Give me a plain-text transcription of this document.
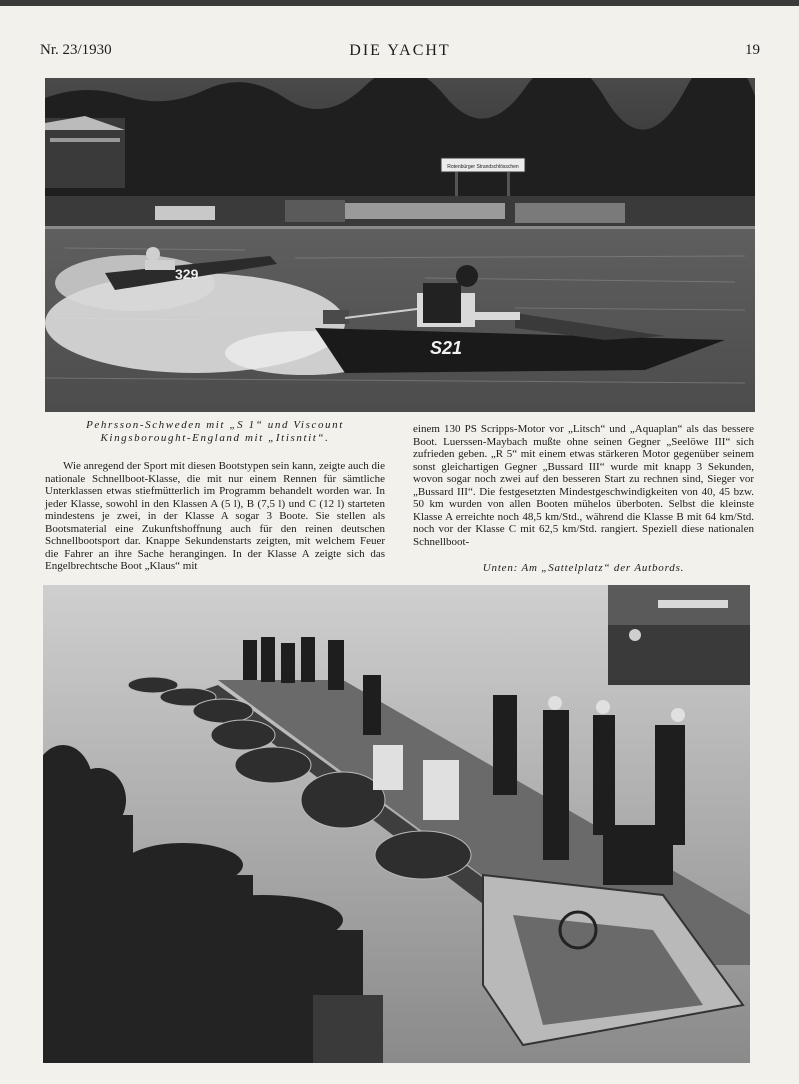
Nr. 23/1930	DIE YACHT	19
Rotenbürger Strandschlösschen
329
S21
Pehrsson-Schweden mit „S 1“ und Viscount Kingsborought-England mit „Itisntit“.
Wie anregend der Sport mit diesen Bootstypen sein kann, zeigte auch die nationale Schnellboot-Klasse, die mit nur einem Rennen für sämtliche Unterklassen etwas stiefmütterlich im Programm behandelt worden war. In jeder Klasse, sowohl in den Klassen A (5 l), B (7,5 l) und C (12 l) starteten mindestens je zwei, in der Klasse A sogar 3 Boote. Sie stellen als Bootsmaterial eine Zukunftshoffnung auch für den reinen deutschen Schnellbootsport dar. Knappe Sekundenstarts zeigten, mit welchem Feuer die Fahrer an ihre Sache herangingen. In der Klasse A zeigte sich das Engelbrechtsche Boot „Klaus“ mit
einem 130 PS Scripps-Motor vor „Litsch“ und „Aquaplan“ als das bessere Boot. Luerssen-Maybach mußte ohne seinen Gegner „Seelöwe III“ sich zufrieden geben. „R 5“ mit einem etwas stärkeren Motor gegenüber seinem sonst gleichartigen Gegner „Bussard III“ wurde mit knapp 3 Sekunden, wovon sogar noch zwei auf den besseren Start zu rechnen sind, Sieger vor „Bussard III“. Die festgesetzten Mindestgeschwindigkeiten von 40, 45 bzw. 50 km wurden von allen Booten mühelos überboten. Selbst die kleinste Klasse A erreichte noch 48,5 km/Std., während die Klasse B mit 64 km/Std. noch vor der Klasse C mit 62,5 km/Std. rangiert. Speziell diese nationalen Schnellboot-
Unten: Am „Sattelplatz“ der Autbords.
